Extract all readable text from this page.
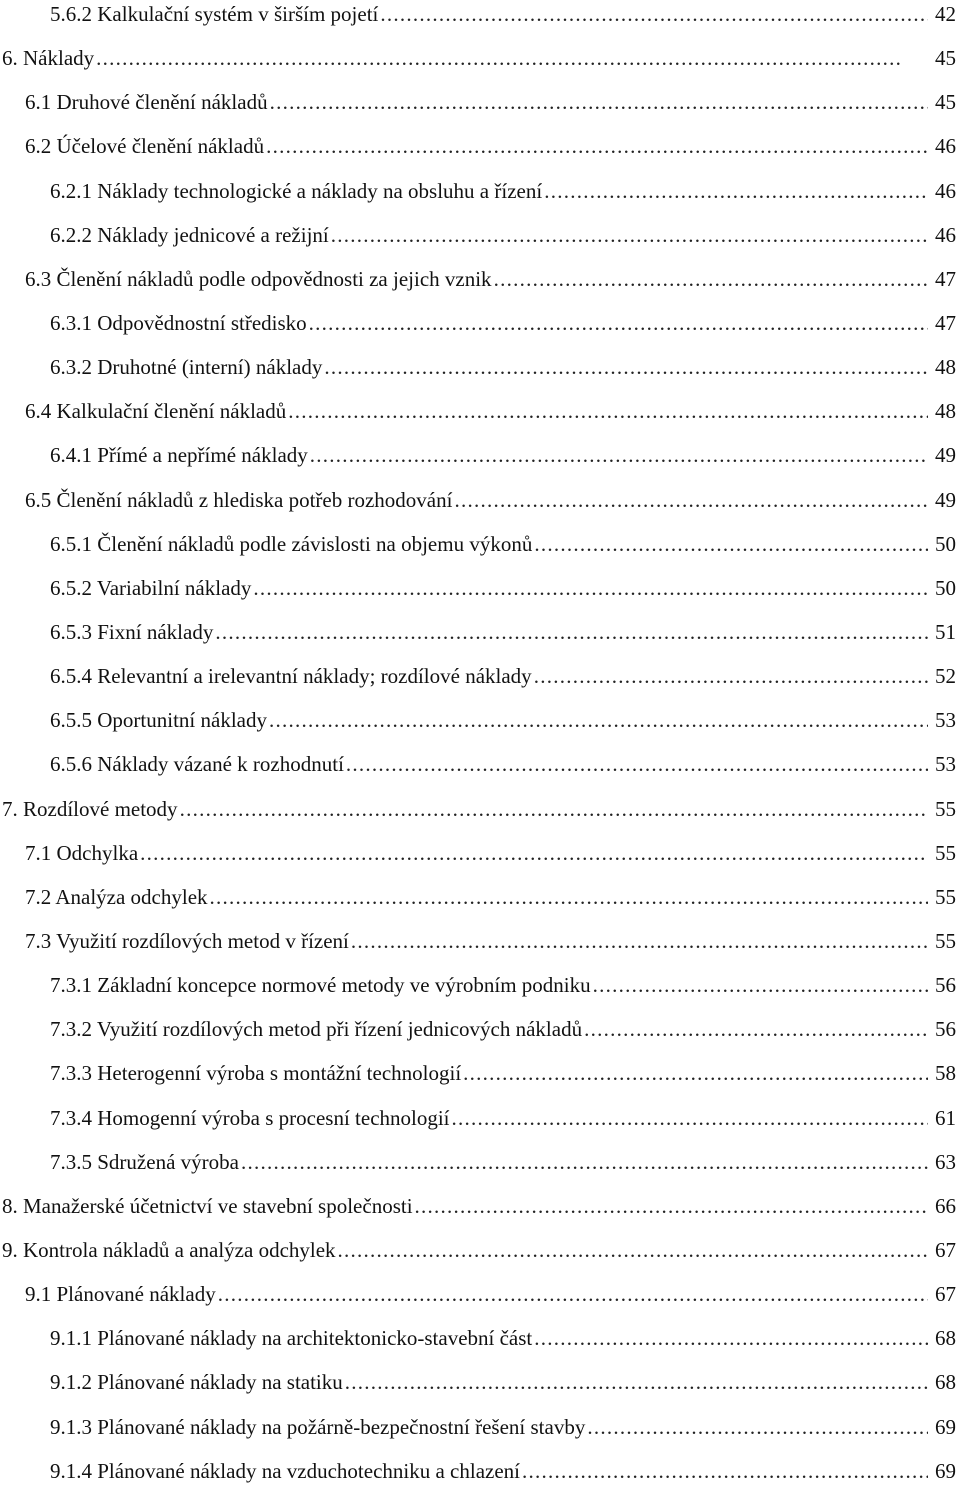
5.6.2 Kalkulační systém v širším pojetí . . .	42
6. Náklady . . .	45
6.1 Druhové členění nákladů . . .	45
6.2 Účelové členění nákladů . . .	46
6.2.1 Náklady technologické a náklady na obsluhu a řízení . . .	46
6.2.2 Náklady jednicové a režijní . . .	46
6.3 Členění nákladů podle odpovědnosti za jejich vznik . . .	47
6.3.1 Odpovědnostní středisko . . .	47
6.3.2 Druhotné (interní) náklady . . .	48
6.4 Kalkulační členění nákladů . . .	48
6.4.1 Přímé a nepřímé náklady . . .	49
6.5 Členění nákladů z hlediska potřeb rozhodování . . .	49
6.5.1 Členění nákladů podle závislosti na objemu výkonů . . .	50
6.5.2 Variabilní náklady . . .	50
6.5.3 Fixní náklady . . .	51
6.5.4 Relevantní a irelevantní náklady; rozdílové náklady . . .	52
6.5.5 Oportunitní náklady . . .	53
6.5.6 Náklady vázané k rozhodnutí . . .	53
7. Rozdílové metody . . .	55
7.1 Odchylka . . .	55
7.2 Analýza odchylek . . .	55
7.3 Využití rozdílových metod v řízení . . .	55
7.3.1 Základní koncepce normové metody ve výrobním podniku . . .	56
7.3.2 Využití rozdílových metod při řízení jednicových nákladů . . .	56
7.3.3 Heterogenní výroba s montážní technologií . . .	58
7.3.4 Homogenní výroba s procesní technologií . . .	61
7.3.5 Sdružená výroba . . .	63
8. Manažerské účetnictví ve stavební společnosti . . .	66
9. Kontrola nákladů a analýza odchylek . . .	67
9.1 Plánované náklady . . .	67
9.1.1 Plánované náklady na architektonicko-stavební část . . .	68
9.1.2 Plánované náklady na statiku . . .	68
9.1.3 Plánované náklady na požárně-bezpečnostní řešení stavby . . .	69
9.1.4 Plánované náklady na vzduchotechniku a chlazení . . .	69
